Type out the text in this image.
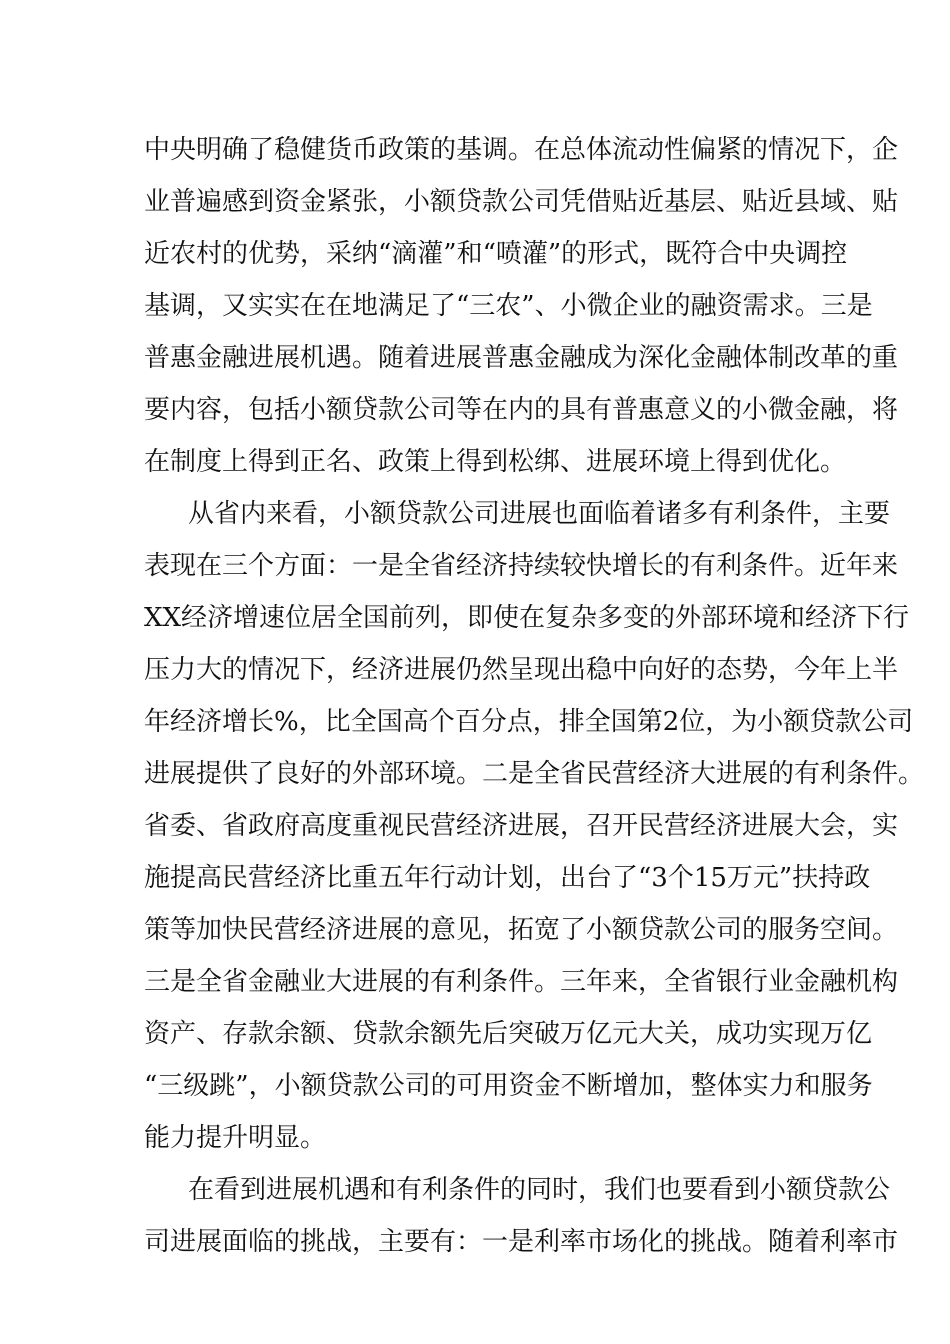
中央明确了稳健货币政策的基调。在总体流动性偏紧的情况下，企
业普遍感到资金紧张，小额贷款公司凭借贴近基层、贴近县域、贴
近农村的优势，采纳“滴灌”和“喷灌”的形式，既符合中央调控
基调，又实实在在地满足了“三农”、小微企业的融资需求。三是
普惠金融进展机遇。随着进展普惠金融成为深化金融体制改革的重
要内容，包括小额贷款公司等在内的具有普惠意义的小微金融，将
在制度上得到正名、政策上得到松绑、进展环境上得到优化。
从省内来看，小额贷款公司进展也面临着诸多有利条件，主要
表现在三个方面：一是全省经济持续较快增长的有利条件。近年来
XX经济增速位居全国前列，即使在复杂多变的外部环境和经济下行
压力大的情况下，经济进展仍然呈现出稳中向好的态势，今年上半
年经济增长%，比全国高个百分点，排全国第2位，为小额贷款公司
进展提供了良好的外部环境。二是全省民营经济大进展的有利条件。
省委、省政府高度重视民营经济进展，召开民营经济进展大会，实
施提高民营经济比重五年行动计划，出台了“3个15万元”扶持政
策等加快民营经济进展的意见，拓宽了小额贷款公司的服务空间。
三是全省金融业大进展的有利条件。三年来，全省银行业金融机构
资产、存款余额、贷款余额先后突破万亿元大关，成功实现万亿
“三级跳”，小额贷款公司的可用资金不断增加，整体实力和服务
能力提升明显。
在看到进展机遇和有利条件的同时，我们也要看到小额贷款公
司进展面临的挑战，主要有：一是利率市场化的挑战。随着利率市
